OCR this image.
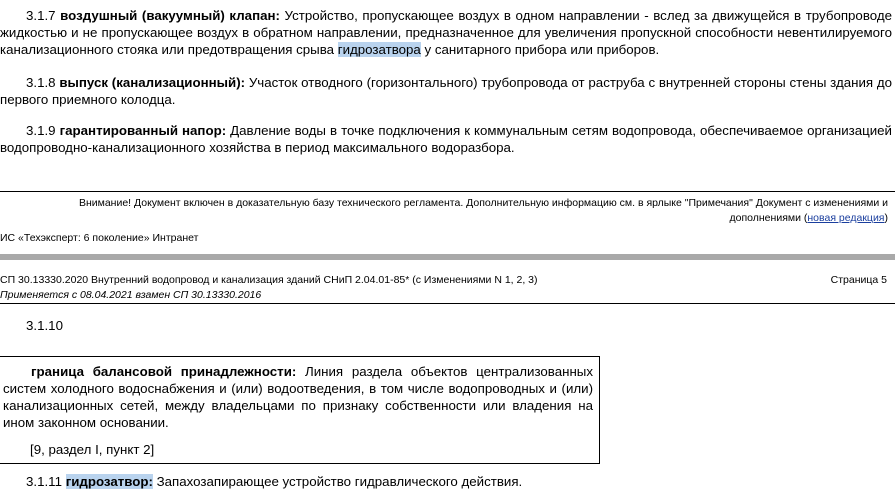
3.1.7 воздушный (вакуумный) клапан: Устройство, пропускающее воздух в одном направлении - вслед за движущейся в трубопроводе жидкостью и не пропускающее воздух в обратном направлении, предназначенное для увеличения пропускной способности невентилируемого канализационного стояка или предотвращения срыва гидрозатвора у санитарного прибора или приборов.
3.1.8 выпуск (канализационный): Участок отводного (горизонтального) трубопровода от раструба с внутренней стороны стены здания до первого приемного колодца.
3.1.9 гарантированный напор: Давление воды в точке подключения к коммунальным сетям водопровода, обеспечиваемое организацией водопроводно-канализационного хозяйства в период максимального водоразбора.
Внимание! Документ включен в доказательную базу технического регламента. Дополнительную информацию см. в ярлыке "Примечания" Документ с изменениями и дополнениями (новая редакция)
ИС «Техэксперт: 6 поколение» Интранет
СП 30.13330.2020 Внутренний водопровод и канализация зданий СНиП 2.04.01-85* (с Изменениями N 1, 2, 3)	Страница 5
Применяется с 08.04.2021 взамен СП 30.13330.2016
3.1.10
граница балансовой принадлежности: Линия раздела объектов централизованных систем холодного водоснабжения и (или) водоотведения, в том числе водопроводных и (или) канализационных сетей, между владельцами по признаку собственности или владения на ином законном основании.
[9, раздел I, пункт 2]
3.1.11 гидрозатвор: Запахозапирающее устройство гидравлического действия.
